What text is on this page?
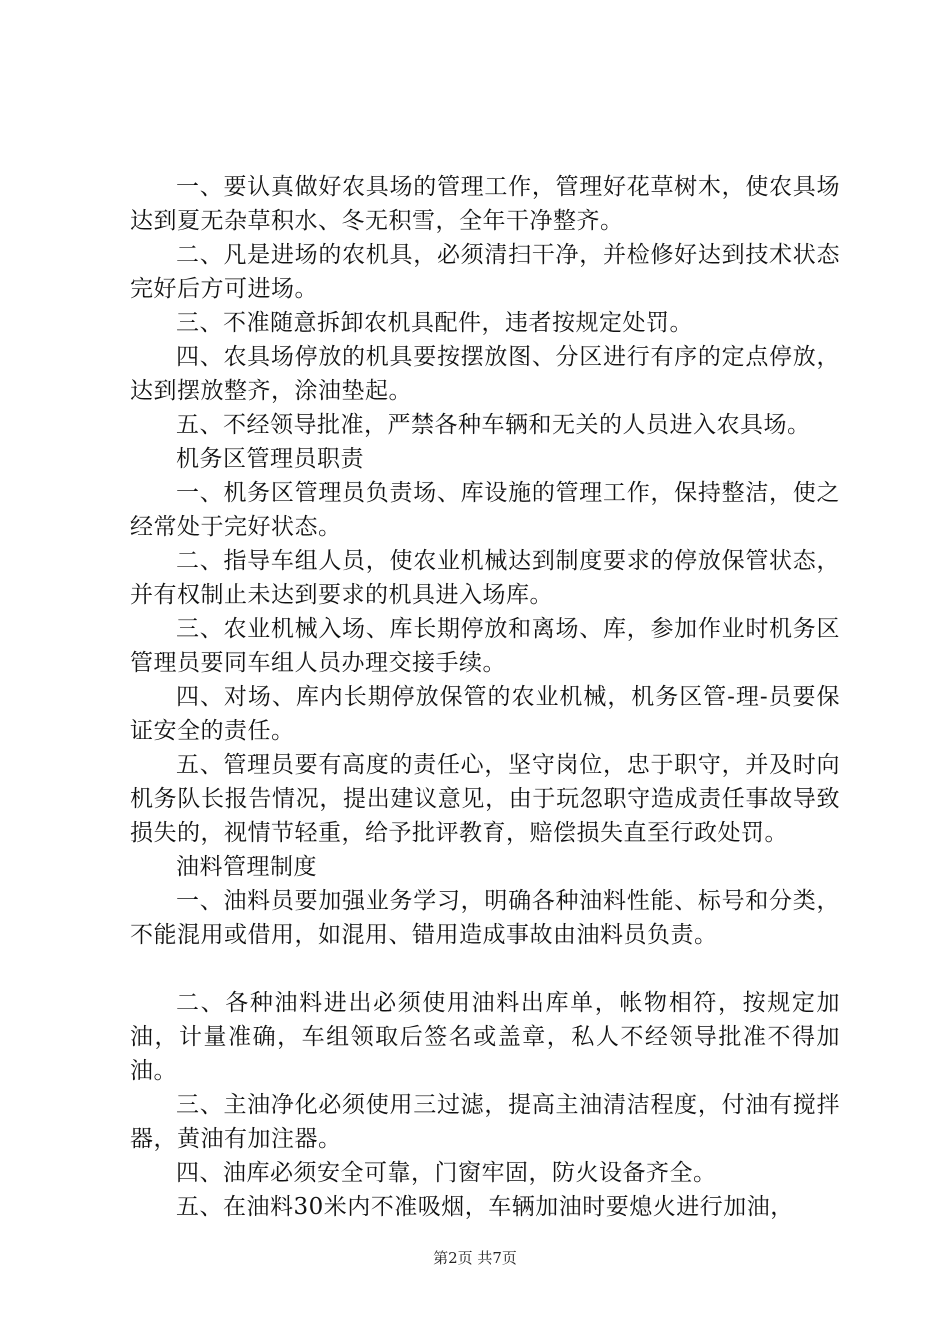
一、要认真做好农具场的管理工作，管理好花草树木，使农具场达到夏无杂草积水、冬无积雪，全年干净整齐。

二、凡是进场的农机具，必须清扫干净，并检修好达到技术状态完好后方可进场。

三、不准随意拆卸农机具配件，违者按规定处罚。

四、农具场停放的机具要按摆放图、分区进行有序的定点停放，达到摆放整齐，涂油垫起。

五、不经领导批准，严禁各种车辆和无关的人员进入农具场。

机务区管理员职责

一、机务区管理员负责场、库设施的管理工作，保持整洁，使之经常处于完好状态。

二、指导车组人员，使农业机械达到制度要求的停放保管状态，并有权制止未达到要求的机具进入场库。

三、农业机械入场、库长期停放和离场、库，参加作业时机务区管理员要同车组人员办理交接手续。

四、对场、库内长期停放保管的农业机械，机务区管-理-员要保证安全的责任。

五、管理员要有高度的责任心，坚守岗位，忠于职守，并及时向机务队长报告情况，提出建议意见，由于玩忽职守造成责任事故导致损失的，视情节轻重，给予批评教育，赔偿损失直至行政处罚。

油料管理制度

一、油料员要加强业务学习，明确各种油料性能、标号和分类，不能混用或借用，如混用、错用造成事故由油料员负责。

二、各种油料进出必须使用油料出库单，帐物相符，按规定加油，计量准确，车组领取后签名或盖章，私人不经领导批准不得加油。

三、主油净化必须使用三过滤，提高主油清洁程度，付油有搅拌器，黄油有加注器。

四、油库必须安全可靠，门窗牢固，防火设备齐全。

五、在油料30米内不准吸烟，车辆加油时要熄火进行加油，

第2页 共7页
